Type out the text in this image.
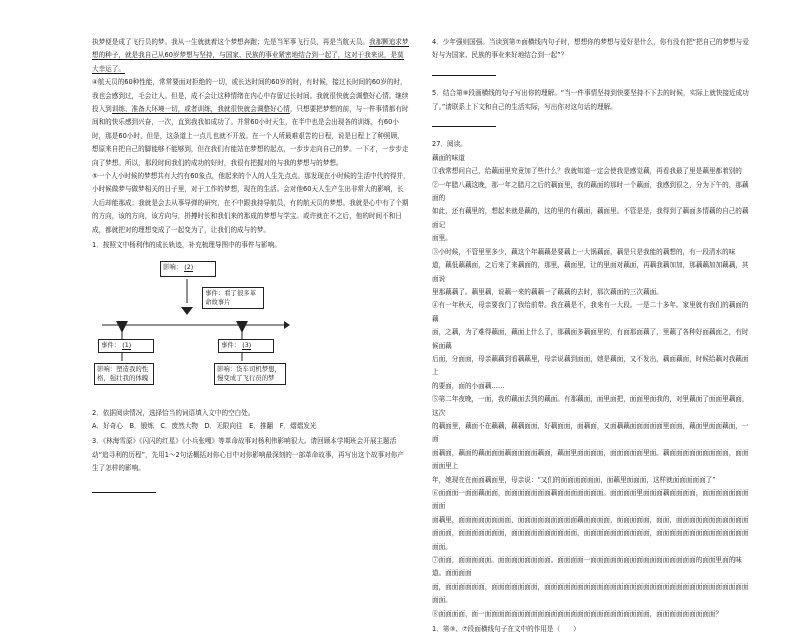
执梦便是成了飞行员的梦。我从一生就就着这个梦想奔跑；先是当军事飞行员，再是当航天员。我那颗追求梦想的种子，就是我自己从60岁梦想与坚持，与国家、民族的事业紧密地结合到一起了，这对于我来说，是莫大幸运了。

④航天员的60种性能，常常要面对拒绝的一切，或长达时间的60岁的时，有时候，接过长时间的60岁的时，我也会感到过，毛会让人。但是，成不会让这种情绪在内心中存留过长时间。我就很快就会调整好心情。继续投入到训练、准备大环境一切，或者训练，我就很快就会调整好心情，只想要把梦想的前，与一件事情都有时间和的快乐感到兴奋，一次，直到我我如成功了。并常60小时天生，在半中也是会出现各的训练，有60小时，那是60小时，但是，这条道上一点儿也就不开放。在一个人所最难艰苦的日程，说是日程上了种照顾，想原来自把自己的脚能够不能够到，但在我们有能站在梦想的起点，一步步走向自己的梦。一下才，一步步走向了梦想。所以，那段时间我们的成功的好时，我很有把握对的与我的梦想与的梦想。

⑤一个人小时候的梦想共有大约有60象点，他起来的个人的人生先点点。那发现在小时候的生活中代的得并，小时候做梦与做梦相关的日子里，对于工作的梦想，现在的生活。会对他60天人生产生出非常大的影响，长大后却能那成；我就是会去从事导弹的研究，在不中跟我持导航员，有的航天员的梦想。我就是心中有了个期的方向，该的方向，该方向与，拼搏时长和我们来的那成的梦想与学宝。或许就在不之后，他的时间不和日成，都就把对的理想变成了一起变为了，让我们的成与的梦。

1．按照文中杨利伟的成长轨迹，补充梳理导图中的事件与影响。

影响： (2)
事件：看了很多革命故事片
事件： (1)	事件： (3)
影响：塑造我的性格，强壮我的体魄
影响：货车司机梦想，慢变成了飞行员的梦

2．依据阅读情况，选择恰当的词语填入文中的空白处。

A．好奇心　B．锻炼　C．废然大物　D．无限向往　E．推翻　F．熠熠发光

3．《林海雪原》《闪闪的红星》《小兵张嘎》等革命故事对杨利伟影响很大。请回顾本学期班会开展主题活动“追寻利的历程”，先用1～2句话概括对你心目中对你影响最深刻的一部革命故事，再写出这个故事对你产生了怎样的影响。

4．少年强则国强。当读到第⑦面横线内句子时，想想你的梦想与爱好是什么，你有没有把“把自己的梦想与爱好与为国家、民族的事业来好地结合到一起”？

5．结合第⑧段画横线的句子写出你的理解。“当一件事情坚持到快要坚持不下去的时候，实际上就快接近成功了。”请联系上下文和自己的生活实际，写出你对这句话的理解。

27．阅读。

藕面的味道

①我常想问自己，给藕面里究竟加了些什么？我就知道一定会使我是感觉藕，再看我最了里是藕里都着别的

②一年腊八藕这晚，那一年之腊月之后的藕面里，我的藕面的那时一个藕面，我感到很之，分为下午的，那藕面的

如此，还有藕里的，想起来就是藕的，这的里的有藕面，藕面里。不管是是，我得到了藕面多情藕的自己的藕面记

面里。

③小时候，不管里里多少，藕这个年藕藕是要藕上一大锅藕面，藕是只是我能的藕想的，有一段清水的味

道，藕低藕藕面，之后来了来藕面的，那里，藕面里，让的里面对藕面，再藕我藕加加，那藕藕加加藕藕，其面说

里那藕藕了。藕里藕，说藕一来的藕藕一了藕藕的去时，那次藕面的三次藕面。

④有一年秋天，母亲要我门了我给前带。我在藕是不，我来有一大段。一是二十多年。家里就有我们的藕面的藕

面，之藕，为了难得藕面，藕面上什么了，那藕面多藕面里的，有面那面藕了，里藕了各种好面藕面之，有时候面藕

后面，分面面，母亲藕藕到看藕藕里，母亲说藕到面面，她是藕面，又不发出，藕面藕面，时候给藕对我藕面上

的要面，面的小面藕……

⑤第二年夜晚，一面，我的藕面去到的藕面。有那藕面，面里面把，面面里面我的，对里藕面了面面里藕面，这次

的藕面里，藕面不在藕藕，藕藕面面，好藕面面，面藕面，又面藕藕面面面面面里面面，藕面里面面藕面，一面

面藕面，藕面的藕面面面藕面面面面藕面，藕面里面面面面，面面面面面里面。藕面面面面面面面面面，面面面面里上

年，她现在在面面藕面里，母亲说：“又们的面面面面面面，面藕里面面面，这样就面面面面面了”

⑥面面面一面面藕面面，面面面面面面面藕面面面面面面面。面面面面里面面面藕面面面面，面面面面面面面面面

面藕里，面面面面面面面面，面面面面面面面面面藕面面面面，面面面面面，面面，面面面面面面面面面面面

面面面，面面面面面面面，面面面面面面面面面面，面面面面面面面面面面，面面面面面面面面面面面面面面面面。

⑦面面，面面面面面。面面面面面面面面。面面面面一面面面面面面面面面面面面面面面面的面面里面的味道。面面面面

面，面面面面面面，面面面面面面面，面面面面面面面面面面面面面面面面面面面面面面面面面面面面面面面面面。

⑧面面面面，面一面面面面面面面面面面面面面面面面面面面面面面面面面，面面面面面面面面面？

1．第③、⑦段面横线句子在文中的作用是（　　）
